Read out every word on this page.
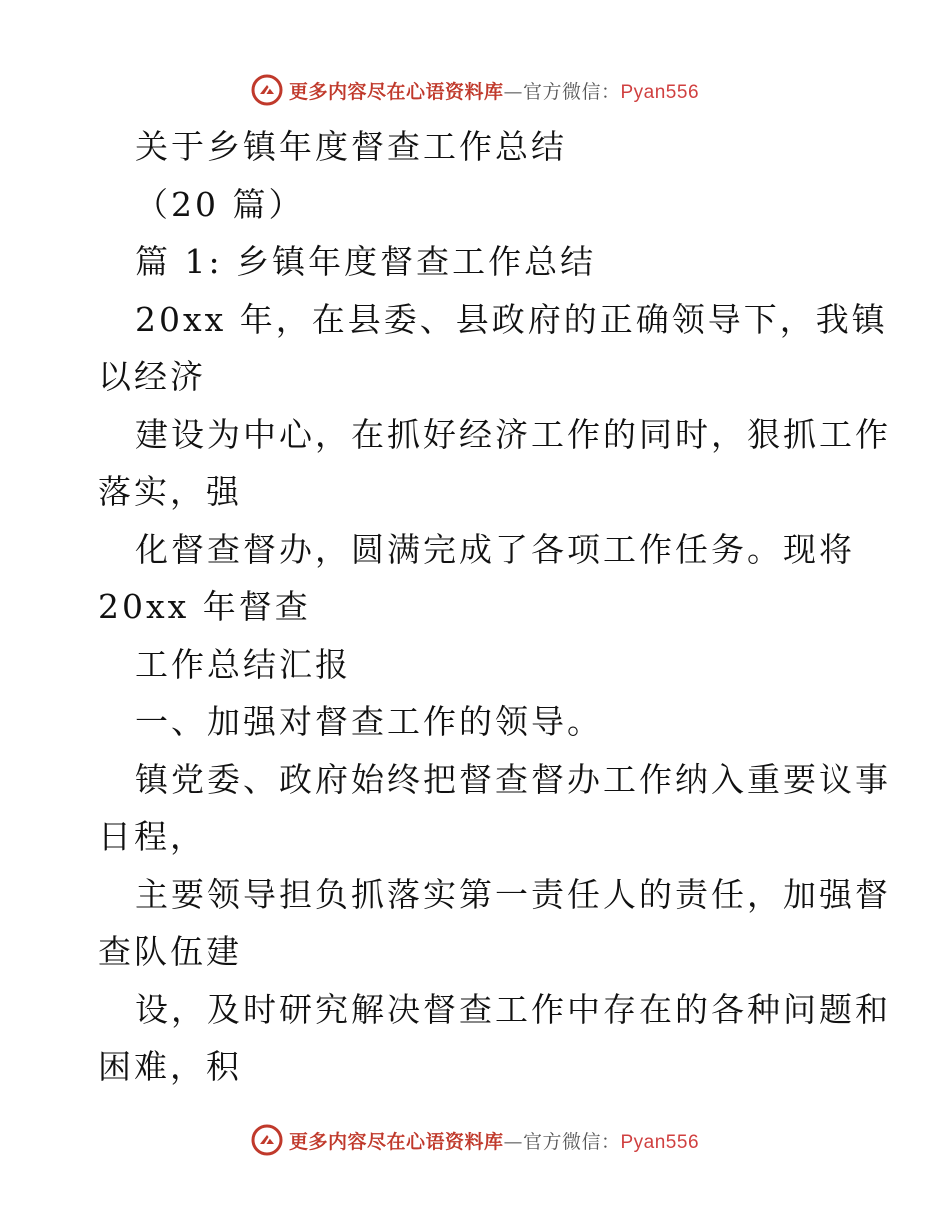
更多内容尽在心语资料库—官方微信：Pyan556
关于乡镇年度督查工作总结
（20 篇）
篇 1: 乡镇年度督查工作总结
20xx 年，在县委、县政府的正确领导下，我镇
以经济
建设为中心，在抓好经济工作的同时，狠抓工作
落实，强
化督查督办，圆满完成了各项工作任务。现将
20xx 年督查
工作总结汇报
一、加强对督查工作的领导。
镇党委、政府始终把督查督办工作纳入重要议事
日程，
主要领导担负抓落实第一责任人的责任，加强督
查队伍建
设，及时研究解决督查工作中存在的各种问题和
困难，积
更多内容尽在心语资料库—官方微信：Pyan556
